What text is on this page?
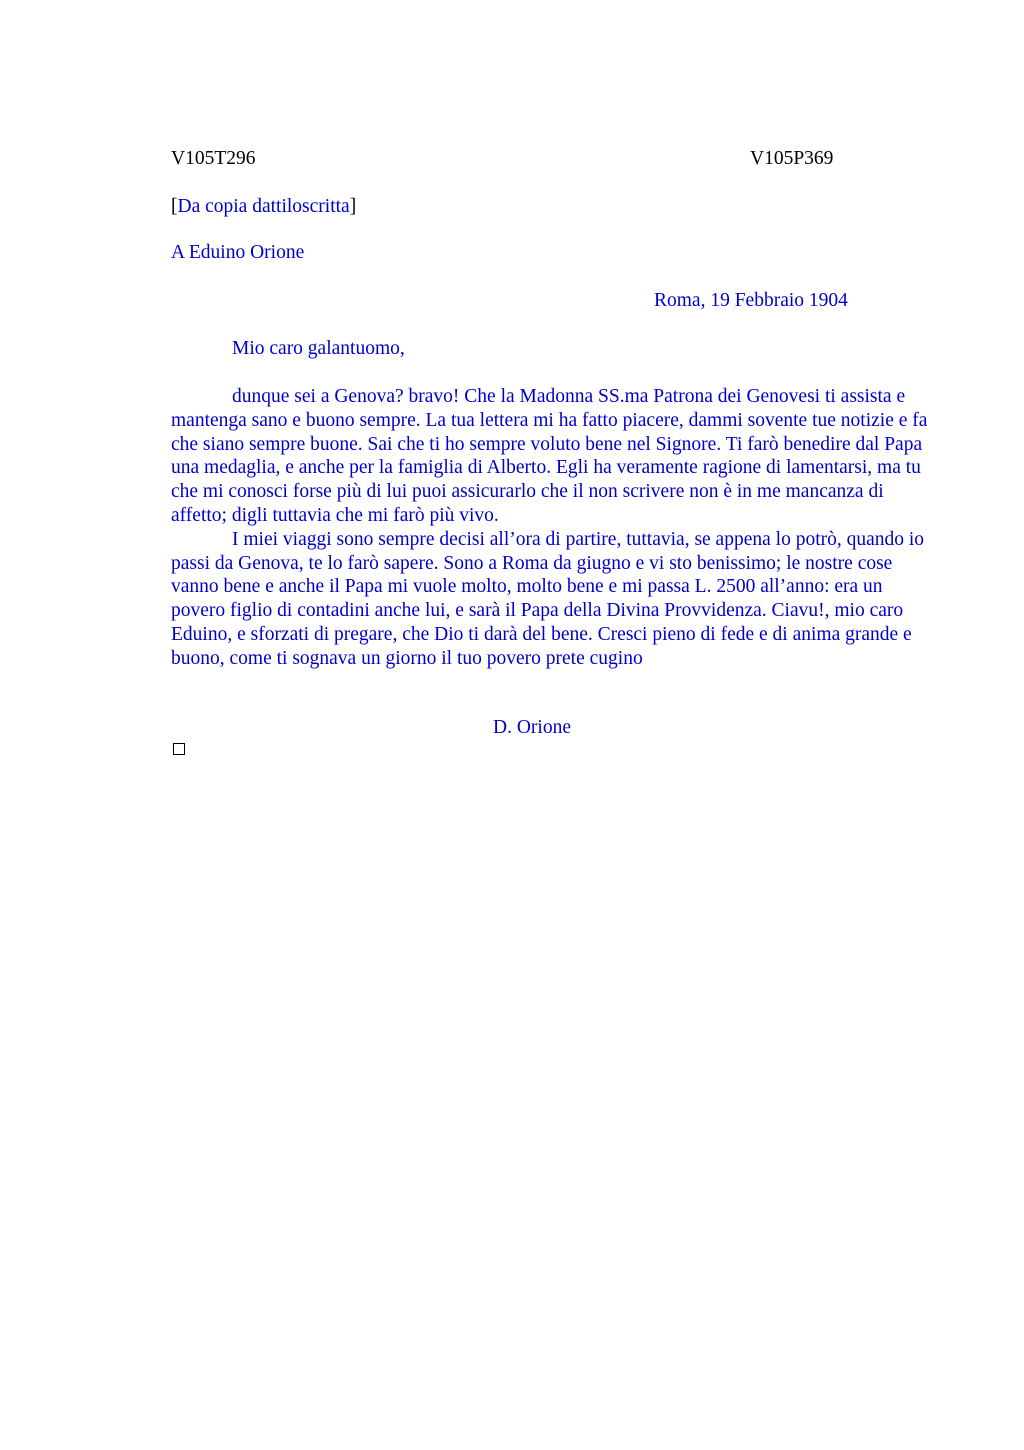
V105T296	V105P369
[Da copia dattiloscritta]
A Eduino Orione
Roma, 19 Febbraio 1904
Mio caro galantuomo,

dunque sei a Genova? bravo! Che la Madonna SS.ma Patrona dei Genovesi ti assista e mantenga sano e buono sempre. La tua lettera mi ha fatto piacere, dammi sovente tue notizie e fa che siano sempre buone. Sai che ti ho sempre voluto bene nel Signore. Ti farò benedire dal Papa una medaglia, e anche per la famiglia di Alberto. Egli ha veramente ragione di lamentarsi, ma tu che mi conosci forse più di lui puoi assicurarlo che il non scrivere non è in me mancanza di affetto; digli tuttavia che mi farò più vivo.

I miei viaggi sono sempre decisi all’ora di partire, tuttavia, se appena lo potrò, quando io passi da Genova, te lo farò sapere. Sono a Roma da giugno e vi sto benissimo; le nostre cose vanno bene e anche il Papa mi vuole molto, molto bene e mi passa L. 2500 all’anno: era un povero figlio di contadini anche lui, e sarà il Papa della Divina Provvidenza. Ciavu!, mio caro Eduino, e sforzati di pregare, che Dio ti darà del bene. Cresci pieno di fede e di anima grande e buono, come ti sognava un giorno il tuo povero prete cugino

D. Orione
